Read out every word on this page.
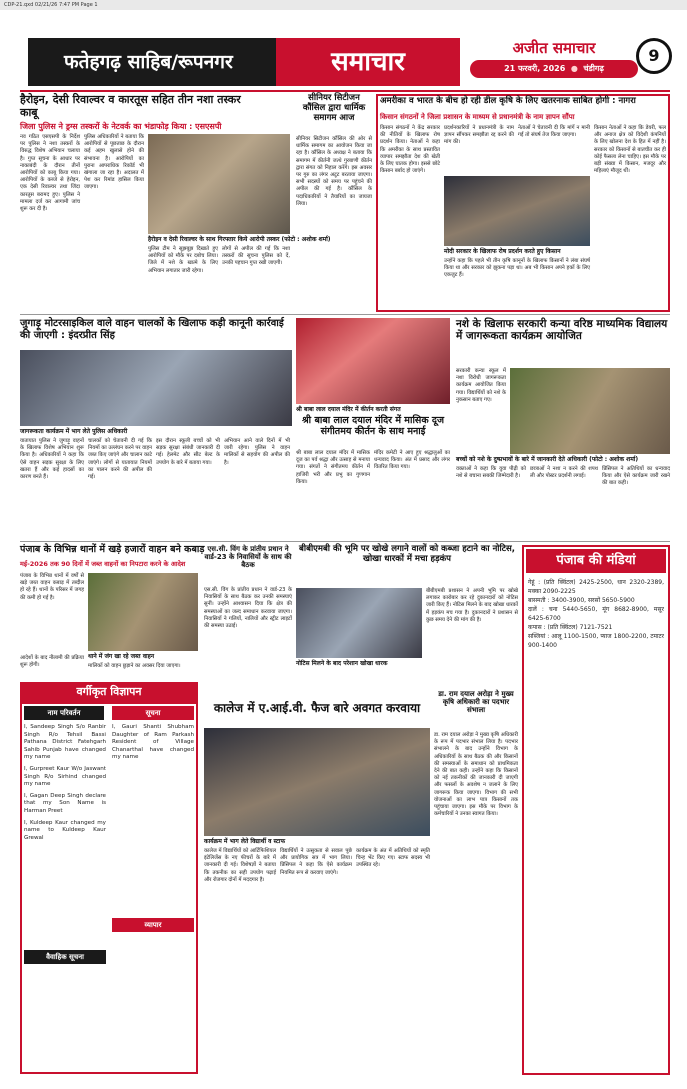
CDP-21.qxd 02/21/26 7:47 PM Page 1
फतेहगढ़ साहिब/रूपनगर	समाचार	अजीत समाचार
21 फरवरी, 2026  ●  चंडीगढ़
9
हैरोइन, देसी रिवाल्वर व कारतूस सहित तीन नशा तस्कर काबू
जिला पुलिस ने ड्रग्स तस्करों के नेटवर्क का भंडाफोड़ किया : एसएसपी

नव गठित एसएसपी के निर्देश पर पुलिस ने नशा तस्करों के विरुद्ध विशेष अभियान चलाया है। गुप्त सूचना के आधार पर नाकाबंदी के दौरान तीनों आरोपियों को काबू किया गया। आरोपियों के कब्जे से हेरोइन, एक देसी रिवाल्वर तथा जिंदा कारतूस बरामद हुए। पुलिस ने मामला दर्ज कर आगामी जांच शुरू कर दी है।

पुलिस अधिकारियों ने बताया कि आरोपियों से पूछताछ के दौरान कई अहम खुलासे होने की संभावना है। आरोपियों का पुराना आपराधिक रिकॉर्ड भी खंगाला जा रहा है। अदालत में पेश कर रिमांड हासिल किया जाएगा।

हैरोइन व देसी रिवाल्वर के साथ गिरफ्तार किये आरोपी तस्कर (फोटो : अशोक शर्मा)

पुलिस टीम ने सूझबूझ दिखाते हुए आरोपियों को मौके पर दबोच लिया। जिले में नशे के खात्मे के लिए अभियान लगातार जारी रहेगा।

लोगों से अपील की गई कि नशा तस्करों की सूचना पुलिस को दें, उनकी पहचान गुप्त रखी जाएगी।

सीनियर सिटीजन कौंसिल द्वारा धार्मिक समागम आज

सीनियर सिटीजन कौंसिल की ओर से धार्मिक समागम का आयोजन किया जा रहा है। कौंसिल के अध्यक्ष ने बताया कि समागम में कीर्तनी जत्थे गुरबाणी कीर्तन द्वारा संगत को निहाल करेंगे। इस अवसर पर गुरु का लंगर अटूट बरताया जाएगा। सभी सदस्यों को समय पर पहुंचने की अपील की गई है। कौंसिल के पदाधिकारियों ने तैयारियों का जायजा लिया।

अमरीका व भारत के बीच हो रही डील कृषि के लिए खतरनाक साबित होगी : नागरा
किसान संगठनों ने जिला प्रशासन के माध्यम से प्रधानमंत्री के नाम ज्ञापन सौंपा

किसान संगठनों ने केंद्र सरकार की नीतियों के खिलाफ रोष प्रदर्शन किया। नेताओं ने कहा कि अमरीका के साथ प्रस्तावित व्यापार समझौता देश की खेती के लिए घातक होगा। इससे छोटे किसान बर्बाद हो जाएंगे।

प्रदर्शनकारियों ने प्रधानमंत्री के नाम ज्ञापन सौंपकर समझौता रद्द करने की मांग की।

मोदी सरकार के खिलाफ रोष प्रदर्शन करते हुए किसान

नेताओं ने चेतावनी दी कि मांगें न मानी गईं तो संघर्ष तेज किया जाएगा।

किसान नेताओं ने कहा कि डेयरी, फल और अनाज क्षेत्र को विदेशी कंपनियों के लिए खोलना देश के हित में नहीं है। सरकार को किसानों से बातचीत कर ही कोई फैसला लेना चाहिए। इस मौके पर बड़ी संख्या में किसान, मजदूर और महिलाएं मौजूद थीं।

उन्होंने कहा कि पहले भी तीन कृषि कानूनों के खिलाफ किसानों ने लंबा संघर्ष किया था और सरकार को झुकना पड़ा था। अब भी किसान अपने हकों के लिए एकजुट हैं।

जुगाड़ू मोटरसाइकिल वाले वाहन चालकों के खिलाफ कड़ी कानूनी कार्रवाई की जाएगी : इंदरप्रीत सिंह
जागरूकता कार्यक्रम में भाग लेते पुलिस अधिकारी

यातायात पुलिस ने जुगाड़ू वाहनों के खिलाफ विशेष अभियान शुरू किया है। अधिकारियों ने कहा कि ऐसे वाहन सड़क सुरक्षा के लिए खतरा हैं और कई हादसों का कारण बनते हैं।

चालकों को चेतावनी दी गई कि नियमों का उल्लंघन करने पर वाहन जब्त किए जाएंगे और चालान काटे जाएंगे। लोगों से यातायात नियमों का पालन करने की अपील की गई।

इस दौरान स्कूली बच्चों को भी सड़क सुरक्षा संबंधी जानकारी दी गई। हेलमेट और सीट बेल्ट के उपयोग के बारे में बताया गया।

अभियान आने वाले दिनों में भी जारी रहेगा। पुलिस ने वाहन मालिकों से सहयोग की अपील की है।

श्री बाबा लाल दयाल मंदिर में कीर्तन करती संगत
श्री बाबा लाल दयाल मंदिर में मासिक दूज संगीतमय कीर्तन के साथ मनाई

श्री बाबा लाल दयाल मंदिर में मासिक दूज का पर्व श्रद्धा और उत्साह से मनाया गया। संगतों ने संगीतमय कीर्तन में हाजिरी भरी और प्रभु का गुणगान किया।

मंदिर कमेटी ने आए हुए श्रद्धालुओं का धन्यवाद किया। अंत में प्रसाद और लंगर वितरित किया गया।

नशे के खिलाफ सरकारी कन्या वरिष्ठ माध्यमिक विद्यालय में जागरूकता कार्यक्रम आयोजित

सरकारी कन्या स्कूल में नशा विरोधी जागरूकता कार्यक्रम आयोजित किया गया। विद्यार्थियों को नशे के नुकसान बताए गए।

बच्चों को नशे के दुष्प्रभावों के बारे में जानकारी देते अधिकारी (फोटो : अशोक शर्मा)

वक्ताओं ने कहा कि युवा पीढ़ी को नशे से बचाना सबकी जिम्मेदारी है।

छात्राओं ने नशा न करने की शपथ ली और पोस्टर प्रदर्शनी लगाई।

प्रिंसिपल ने अतिथियों का धन्यवाद किया और ऐसे कार्यक्रम जारी रखने की बात कही।

पंजाब के विभिन्न थानों में खड़े हजारों वाहन बने कबाड़
मई-2026 तक 90 दिनों में जब्त वाहनों का निपटारा करने के आदेश

पंजाब के विभिन्न थानों में वर्षों से खड़े जब्त वाहन कबाड़ में तब्दील हो रहे हैं। थानों के परिसर में जगह की कमी हो गई है।

थाने में जंग खा रहे जब्त वाहन

आदेशों के बाद नीलामी की प्रक्रिया शुरू होगी।	मालिकों को वाहन छुड़ाने का अवसर दिया जाएगा।

एस.सी. विंग के प्रांतीय प्रधान ने वार्ड-23 के निवासियों के साथ की बैठक

एस.सी. विंग के प्रांतीय प्रधान ने वार्ड-23 के निवासियों के साथ बैठक कर उनकी समस्याएं सुनीं। उन्होंने आश्वासन दिया कि क्षेत्र की समस्याओं का जल्द समाधान करवाया जाएगा। निवासियों ने गलियों, नालियों और स्ट्रीट लाइटों की समस्या उठाई।

बीबीएमबी की भूमि पर खोखे लगाने वालों को कब्जा हटाने का नोटिस, खोखा धारकों में मचा हड़कंप
नोटिस मिलने के बाद परेशान खोखा धारक

बीबीएमबी प्रशासन ने अपनी भूमि पर खोखे लगाकर कारोबार कर रहे दुकानदारों को नोटिस जारी किए हैं। नोटिस मिलने के बाद खोखा धारकों में हड़कंप मच गया है। दुकानदारों ने प्रशासन से कुछ समय देने की मांग की है।

पंजाब की मंडियां

गेहूं : (प्रति क्विंटल) 2425-2500, धान 2320-2389, मक्का 2090-2225

बासमती : 3400-3900, सरसों 5650-5900

दालें : चना 5440-5650, मूंग 8682-8900, मसूर 6425-6700

कपास : (प्रति क्विंटल) 7121-7521

सब्जियां : आलू 1100-1500, प्याज 1800-2200, टमाटर 900-1400

वर्गीकृत विज्ञापन
नाम परिवर्तन	सूचना

I, Sandeep Singh S/o Ranbir Singh R/o Tehsil Bassi Pathana District Fatehgarh Sahib Punjab have changed my name

I, Gurpreet Kaur W/o Jaswant Singh R/o Sirhind changed my name

I, Gagan Deep Singh declare that my Son Name is Harman Preet

I, Kuldeep Kaur changed my name to Kuldeep Kaur Grewal

I, Gauri Shanti Shubham Daughter of Ram Parkash Resident of Village Chanarthal have changed my name

व्यापार
वैवाहिक सूचना
कालेज में ए.आई.वी. फैज बारे अवगत करवाया
कार्यक्रम में भाग लेते विद्यार्थी व स्टाफ

कालेज में विद्यार्थियों को आर्टिफिशियल इंटेलिजेंस के नए फीचरों के बारे में जानकारी दी गई। विशेषज्ञों ने बताया कि तकनीक का सही उपयोग पढ़ाई और रोजगार दोनों में मददगार है।

विद्यार्थियों ने उत्सुकता से सवाल पूछे और प्रायोगिक सत्र में भाग लिया। प्रिंसिपल ने कहा कि ऐसे कार्यक्रम नियमित रूप से करवाए जाएंगे।

कार्यक्रम के अंत में अतिथियों को स्मृति चिन्ह भेंट किए गए। स्टाफ सदस्य भी उपस्थित रहे।

डा. राम दयाल अरोड़ा ने मुख्य कृषि अधिकारी का पदभार संभाला

डा. राम दयाल अरोड़ा ने मुख्य कृषि अधिकारी के रूप में पदभार संभाल लिया है। पदभार संभालने के बाद उन्होंने विभाग के अधिकारियों के साथ बैठक की और किसानों की समस्याओं के समाधान को प्राथमिकता देने की बात कही। उन्होंने कहा कि किसानों को नई तकनीकों की जानकारी दी जाएगी और फसलों के अवशेष न जलाने के लिए जागरूक किया जाएगा। विभाग की सभी योजनाओं का लाभ पात्र किसानों तक पहुंचाया जाएगा। इस मौके पर विभाग के कर्मचारियों ने उनका स्वागत किया।
